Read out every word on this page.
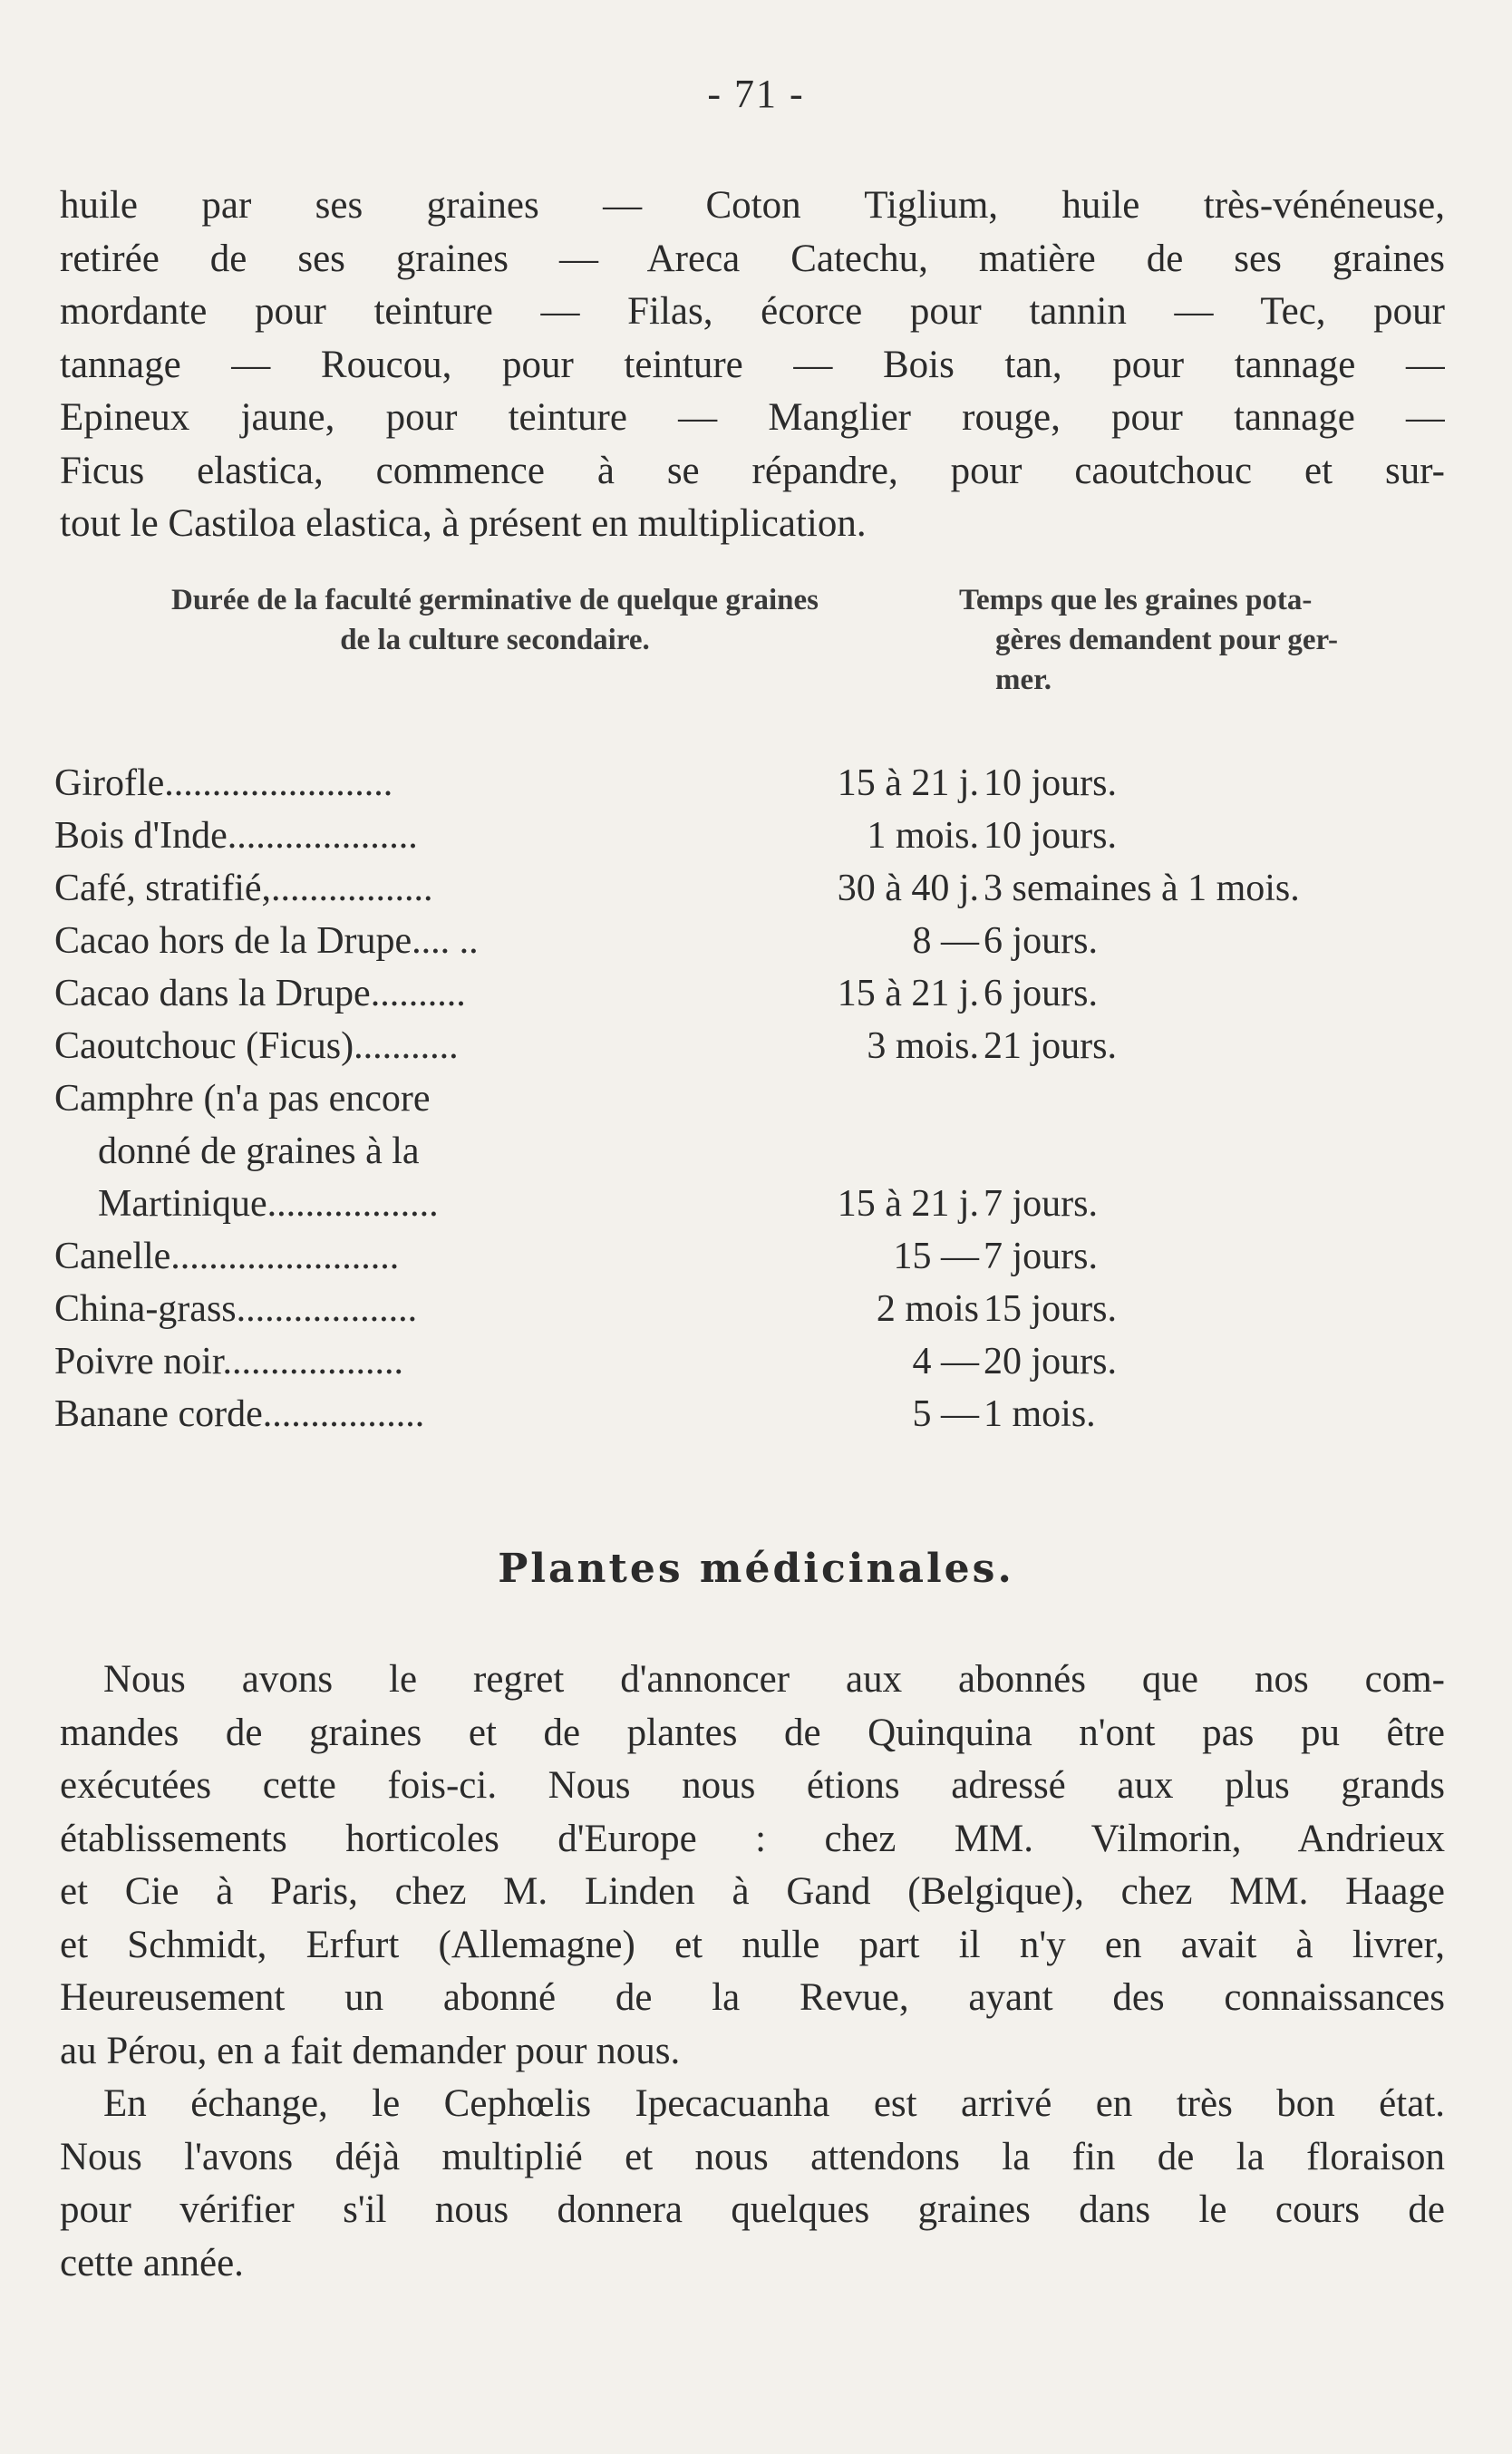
- 71 -
huile par ses graines — Coton Tiglium, huile très-vénéneuse,
retirée de ses graines — Areca Catechu, matière de ses graines
mordante pour teinture — Filas, écorce pour tannin — Tec, pour
tannage — Roucou, pour teinture — Bois tan, pour tannage —
Epineux jaune, pour teinture — Manglier rouge, pour tannage —
Ficus elastica, commence à se répandre, pour caoutchouc et sur-
tout le Castiloa elastica, à présent en multiplication.
Durée de la faculté germinative de quelque graines
de la culture secondaire.
Temps que les graines pota-
gères demandent pour ger-
mer.
Girofle........................	15 à 21 j. 10 jours.
Bois d'Inde....................	1 mois. 10 jours.
Café, stratifié,.................	30 à 40 j. 3 semaines à 1 mois.
Cacao hors de la Drupe.... ..	8 — 6 jours.
Cacao dans la Drupe..........	15 à 21 j. 6 jours.
Caoutchouc (Ficus)...........	3 mois. 21 jours.
Camphre (n'a pas encore
donné de graines à la
Martinique..................	15 à 21 j. 7 jours.
Canelle........................	15 — 7 jours.
China-grass...................	2 mois 15 jours.
Poivre noir...................	4 — 20 jours.
Banane corde.................	5 — 1 mois.
Plantes médicinales.
Nous avons le regret d'annoncer aux abonnés que nos com-
mandes de graines et de plantes de Quinquina n'ont pas pu être
exécutées cette fois-ci. Nous nous étions adressé aux plus grands
établissements horticoles d'Europe : chez MM. Vilmorin, Andrieux
et Cie à Paris, chez M. Linden à Gand (Belgique), chez MM. Haage
et Schmidt, Erfurt (Allemagne) et nulle part il n'y en avait à livrer,
Heureusement un abonné de la Revue, ayant des connaissances
au Pérou, en a fait demander pour nous.
En échange, le Cephœlis Ipecacuanha est arrivé en très bon état.
Nous l'avons déjà multiplié et nous attendons la fin de la floraison
pour vérifier s'il nous donnera quelques graines dans le cours de
cette année.
